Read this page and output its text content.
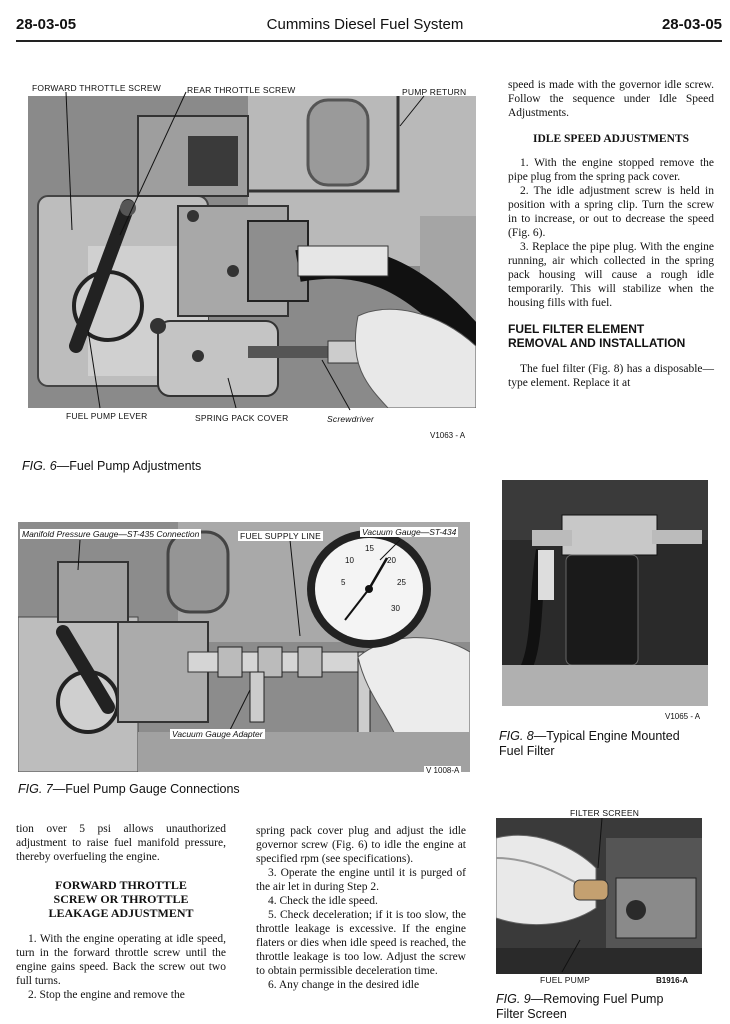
28-03-05	Cummins Diesel Fuel System	28-03-05
FORWARD THROTTLE SCREW	REAR THROTTLE SCREW	PUMP RETURN
FUEL PUMP LEVER	SPRING PACK COVER	Screwdriver
V1063 - A
FIG. 6—Fuel Pump Adjustments

speed is made with the governor idle screw. Follow the sequence under Idle Speed Adjustments.

IDLE SPEED ADJUSTMENTS

1. With the engine stopped remove the pipe plug from the spring pack cover.

2. The idle adjustment screw is held in position with a spring clip. Turn the screw in to increase, or out to decrease the speed (Fig. 6).

3. Replace the pipe plug. With the engine running, air which collected in the spring pack housing will cause a rough idle temporarily. This will stabilize when the housing fills with fuel.

FUEL FILTER ELEMENT
REMOVAL AND INSTALLATION

The fuel filter (Fig. 8) has a disposable—type element. Replace it at

5
10
15
20
25
30
Manifold Pressure Gauge—ST-435 Connection	FUEL SUPPLY LINE	Vacuum Gauge—ST-434
Vacuum Gauge Adapter
V 1008-A
FIG. 7—Fuel Pump Gauge Connections
V1065 - A
FIG. 8—Typical Engine Mounted
Fuel Filter

tion over 5 psi allows unauthorized adjustment to raise fuel manifold pressure, thereby overfueling the engine.

FORWARD THROTTLE
SCREW OR THROTTLE
LEAKAGE ADJUSTMENT

1. With the engine operating at idle speed, turn in the forward throttle screw until the engine gains speed. Back the screw out two full turns.

2. Stop the engine and remove the

spring pack cover plug and adjust the idle governor screw (Fig. 6) to idle the engine at specified rpm (see specifications).

3. Operate the engine until it is purged of the air let in during Step 2.

4. Check the idle speed.

5. Check deceleration; if it is too slow, the throttle leakage is excessive. If the engine flaters or dies when idle speed is reached, the throttle leakage is too low. Adjust the screw to obtain permissible deceleration time.

6. Any change in the desired idle

FILTER SCREEN
FUEL PUMP	B1916-A
FIG. 9—Removing Fuel Pump
Filter Screen
